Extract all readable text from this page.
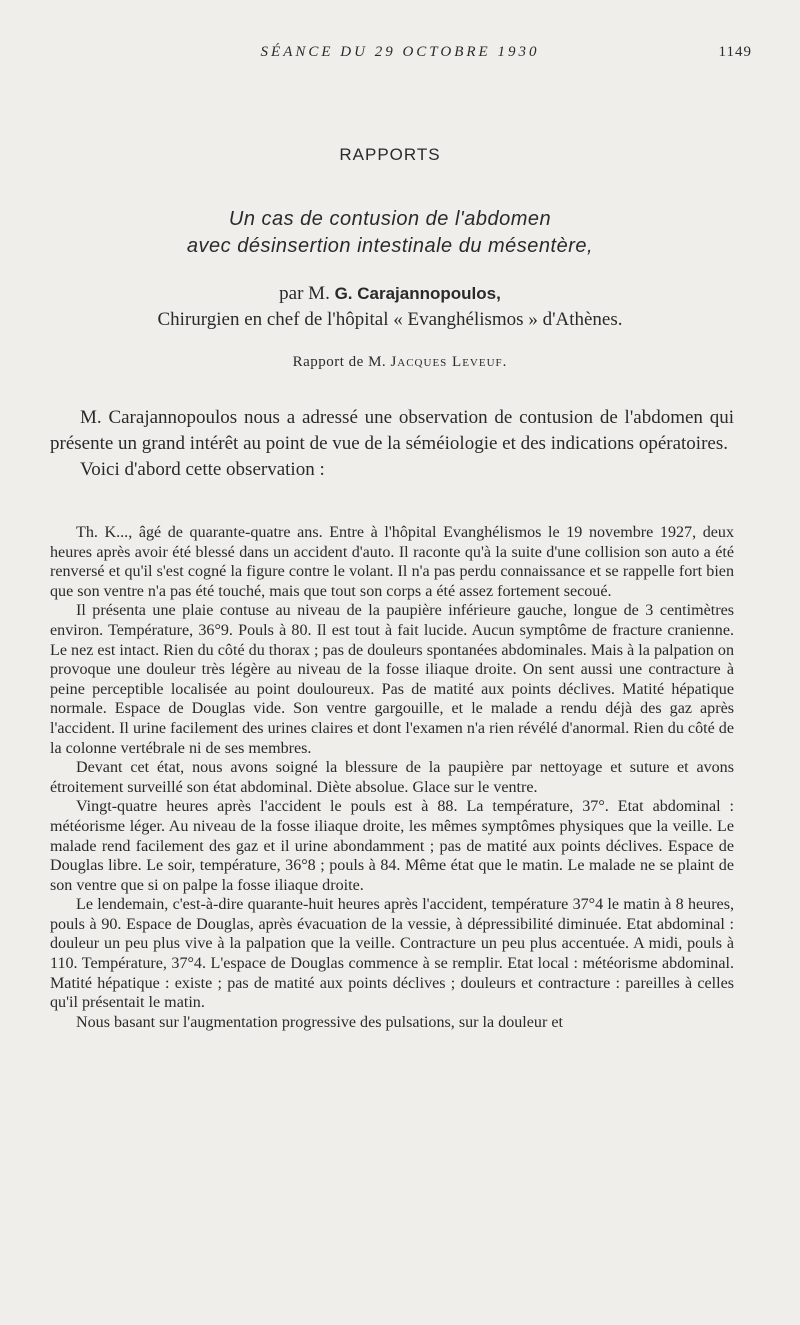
SÉANCE DU 29 OCTOBRE 1930	1149
RAPPORTS
Un cas de contusion de l'abdomen
avec désinsertion intestinale du mésentère,
par M. G. Carajannopoulos,
Chirurgien en chef de l'hôpital « Evanghélismos » d'Athènes.
Rapport de M. Jacques Leveuf.

M. Carajannopoulos nous a adressé une observation de contusion de l'abdomen qui présente un grand intérêt au point de vue de la séméiologie et des indications opératoires.

Voici d'abord cette observation :

Th. K..., âgé de quarante-quatre ans. Entre à l'hôpital Evanghélismos le 19 novembre 1927, deux heures après avoir été blessé dans un accident d'auto. Il raconte qu'à la suite d'une collision son auto a été renversé et qu'il s'est cogné la figure contre le volant. Il n'a pas perdu connaissance et se rappelle fort bien que son ventre n'a pas été touché, mais que tout son corps a été assez fortement secoué.

Il présenta une plaie contuse au niveau de la paupière inférieure gauche, longue de 3 centimètres environ. Température, 36°9. Pouls à 80. Il est tout à fait lucide. Aucun symptôme de fracture cranienne. Le nez est intact. Rien du côté du thorax ; pas de douleurs spontanées abdominales. Mais à la palpation on provoque une douleur très légère au niveau de la fosse iliaque droite. On sent aussi une contracture à peine perceptible localisée au point douloureux. Pas de matité aux points déclives. Matité hépatique normale. Espace de Douglas vide. Son ventre gargouille, et le malade a rendu déjà des gaz après l'accident. Il urine facilement des urines claires et dont l'examen n'a rien révélé d'anormal. Rien du côté de la colonne vertébrale ni de ses membres.

Devant cet état, nous avons soigné la blessure de la paupière par nettoyage et suture et avons étroitement surveillé son état abdominal. Diète absolue. Glace sur le ventre.

Vingt-quatre heures après l'accident le pouls est à 88. La température, 37°. Etat abdominal : météorisme léger. Au niveau de la fosse iliaque droite, les mêmes symptômes physiques que la veille. Le malade rend facilement des gaz et il urine abondamment ; pas de matité aux points déclives. Espace de Douglas libre. Le soir, température, 36°8 ; pouls à 84. Même état que le matin. Le malade ne se plaint de son ventre que si on palpe la fosse iliaque droite.

Le lendemain, c'est-à-dire quarante-huit heures après l'accident, température 37°4 le matin à 8 heures, pouls à 90. Espace de Douglas, après évacuation de la vessie, à dépressibilité diminuée. Etat abdominal : douleur un peu plus vive à la palpation que la veille. Contracture un peu plus accentuée. A midi, pouls à 110. Température, 37°4. L'espace de Douglas commence à se remplir. Etat local : météorisme abdominal. Matité hépatique : existe ; pas de matité aux points déclives ; douleurs et contracture : pareilles à celles qu'il présentait le matin.

Nous basant sur l'augmentation progressive des pulsations, sur la douleur et
